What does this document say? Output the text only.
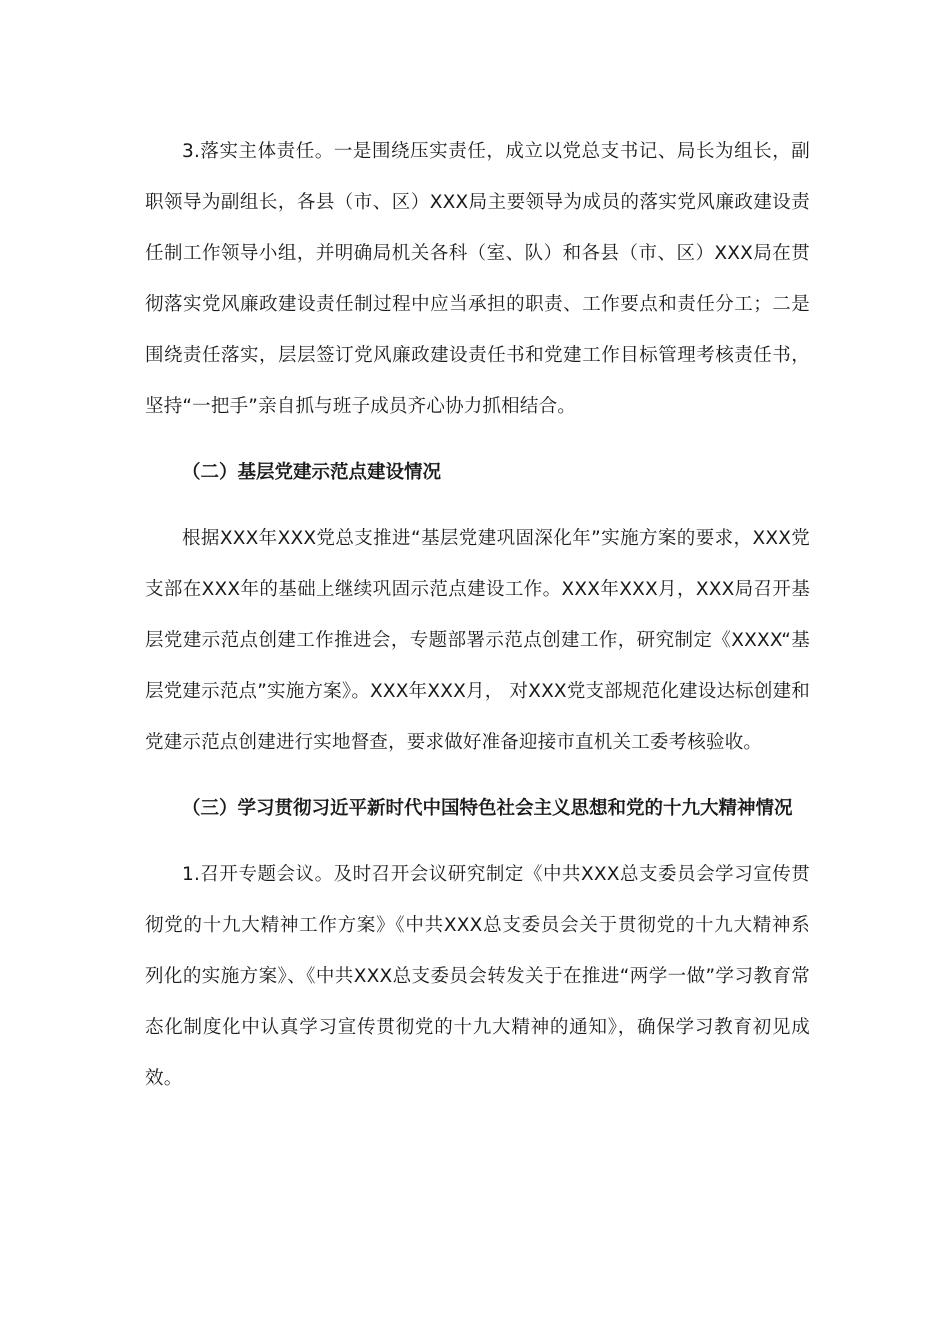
3.落实主体责任。一是围绕压实责任，成立以党总支书记、局长为组长，副职领导为副组长，各县（市、区）XXX局主要领导为成员的落实党风廉政建设责任制工作领导小组，并明确局机关各科（室、队）和各县（市、区）XXX局在贯彻落实党风廉政建设责任制过程中应当承担的职责、工作要点和责任分工；二是围绕责任落实，层层签订党风廉政建设责任书和党建工作目标管理考核责任书，坚持“一把手”亲自抓与班子成员齐心协力抓相结合。

（二）基层党建示范点建设情况

根据XXX年XXX党总支推进“基层党建巩固深化年”实施方案的要求，XXX党支部在XXX年的基础上继续巩固示范点建设工作。XXX年XXX月，XXX局召开基层党建示范点创建工作推进会，专题部署示范点创建工作，研究制定《XXXX“基层党建示范点”实施方案》。XXX年XXX月， 对XXX党支部规范化建设达标创建和党建示范点创建进行实地督查，要求做好准备迎接市直机关工委考核验收。

（三）学习贯彻习近平新时代中国特色社会主义思想和党的十九大精神情况

1.召开专题会议。及时召开会议研究制定《中共XXX总支委员会学习宣传贯彻党的十九大精神工作方案》《中共XXX总支委员会关于贯彻党的十九大精神系列化的实施方案》、《中共XXX总支委员会转发关于在推进“两学一做”学习教育常态化制度化中认真学习宣传贯彻党的十九大精神的通知》，确保学习教育初见成效。
